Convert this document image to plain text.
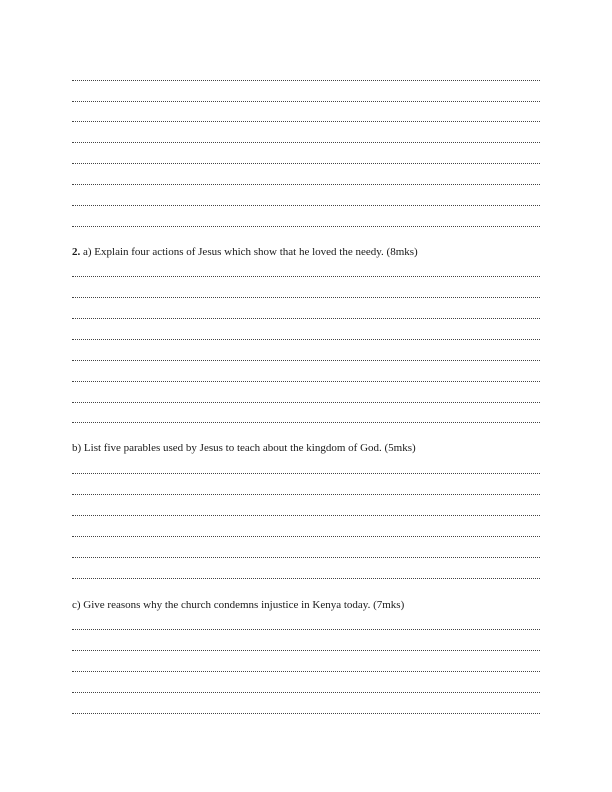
2. a) Explain four actions of Jesus which show that he loved the needy. (8mks)
b) List five parables used by Jesus to teach about the kingdom of God. (5mks)
c) Give reasons why the church condemns injustice in Kenya today. (7mks)
